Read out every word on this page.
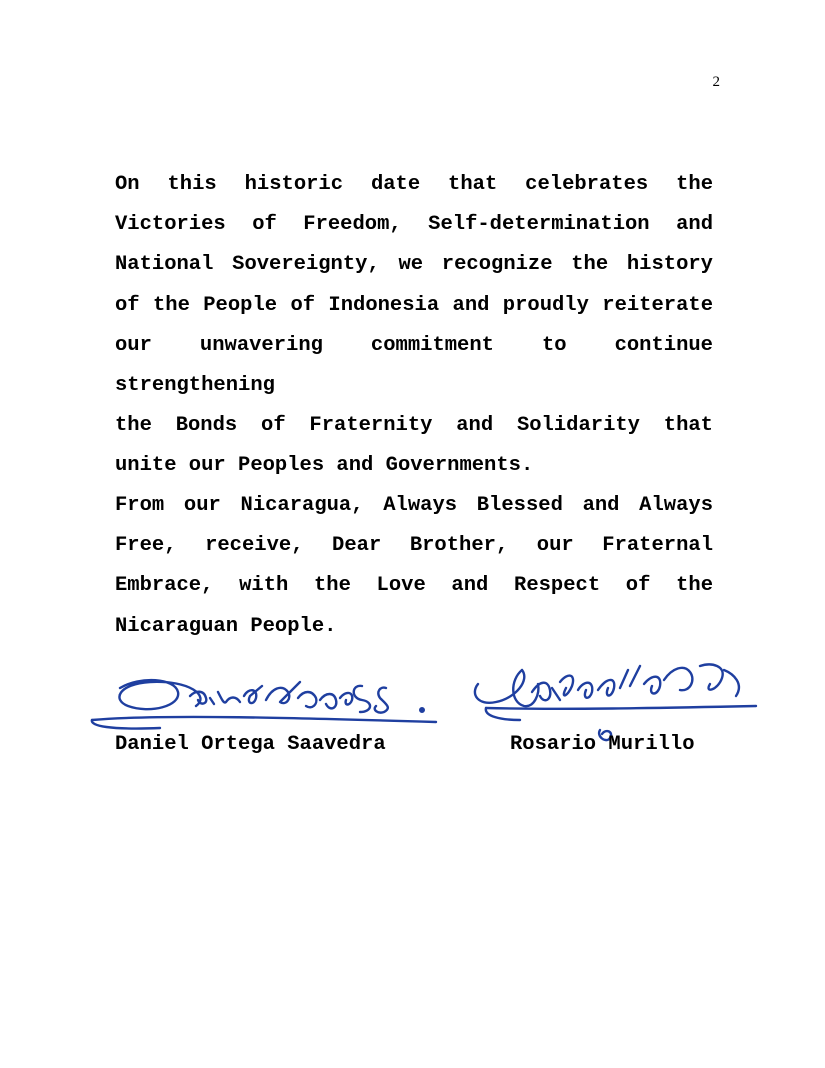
2
On this historic date that celebrates the
Victories of Freedom, Self-determination and
National Sovereignty, we recognize the history
of the People of Indonesia and proudly reiterate
our unwavering commitment to continue strengthening
the Bonds of Fraternity and Solidarity that
unite our Peoples and Governments.
From our Nicaragua, Always Blessed and Always
Free, receive, Dear Brother, our Fraternal
Embrace, with the Love and Respect of the
Nicaraguan People.
Daniel Ortega Saavedra	Rosario Murillo
